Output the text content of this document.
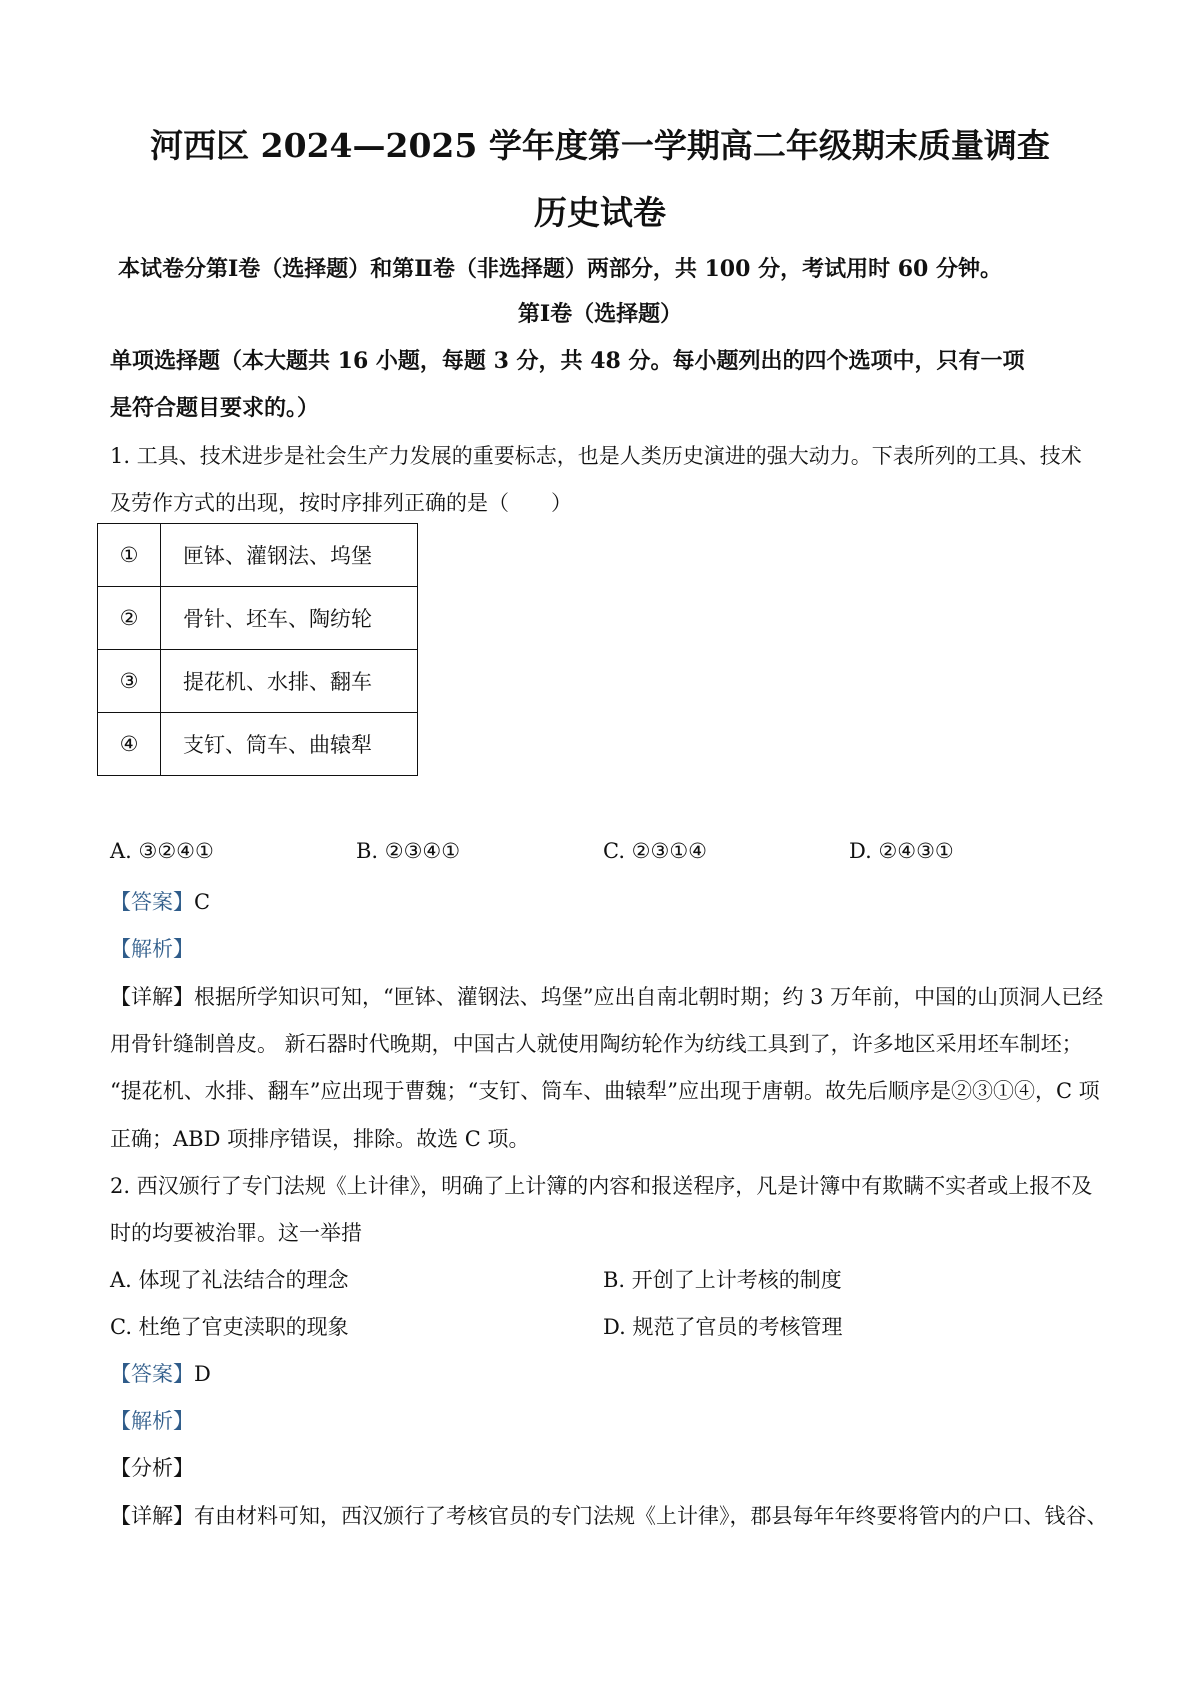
河西区 2024—2025 学年度第一学期高二年级期末质量调查
历史试卷
本试卷分第Ⅰ卷（选择题）和第Ⅱ卷（非选择题）两部分，共 100 分，考试用时 60 分钟。
第Ⅰ卷（选择题）
单项选择题（本大题共 16 小题，每题 3 分，共 48 分。每小题列出的四个选项中，只有一项
是符合题目要求的。）
1. 工具、技术进步是社会生产力发展的重要标志，也是人类历史演进的强大动力。下表所列的工具、技术
及劳作方式的出现，按时序排列正确的是（　　）
①	匣钵、灌钢法、坞堡
②	骨针、坯车、陶纺轮
③	提花机、水排、翻车
④	支钉、筒车、曲辕犁
A. ③②④①	B. ②③④①	C. ②③①④	D. ②④③①
【答案】C
【解析】
【详解】根据所学知识可知，“匣钵、灌钢法、坞堡”应出自南北朝时期；约 3 万年前，中国的山顶洞人已经
用骨针缝制兽皮。 新石器时代晚期，中国古人就使用陶纺轮作为纺线工具到了，许多地区采用坯车制坯；
“提花机、水排、翻车”应出现于曹魏；“支钉、筒车、曲辕犁”应出现于唐朝。故先后顺序是②③①④，C 项
正确；ABD 项排序错误，排除。故选 C 项。
2. 西汉颁行了专门法规《上计律》，明确了上计簿的内容和报送程序，凡是计簿中有欺瞒不实者或上报不及
时的均要被治罪。这一举措
A. 体现了礼法结合的理念	B. 开创了上计考核的制度
C. 杜绝了官吏渎职的现象	D. 规范了官员的考核管理
【答案】D
【解析】
【分析】
【详解】有由材料可知，西汉颁行了考核官员的专门法规《上计律》，郡县每年年终要将管内的户口、钱谷、
